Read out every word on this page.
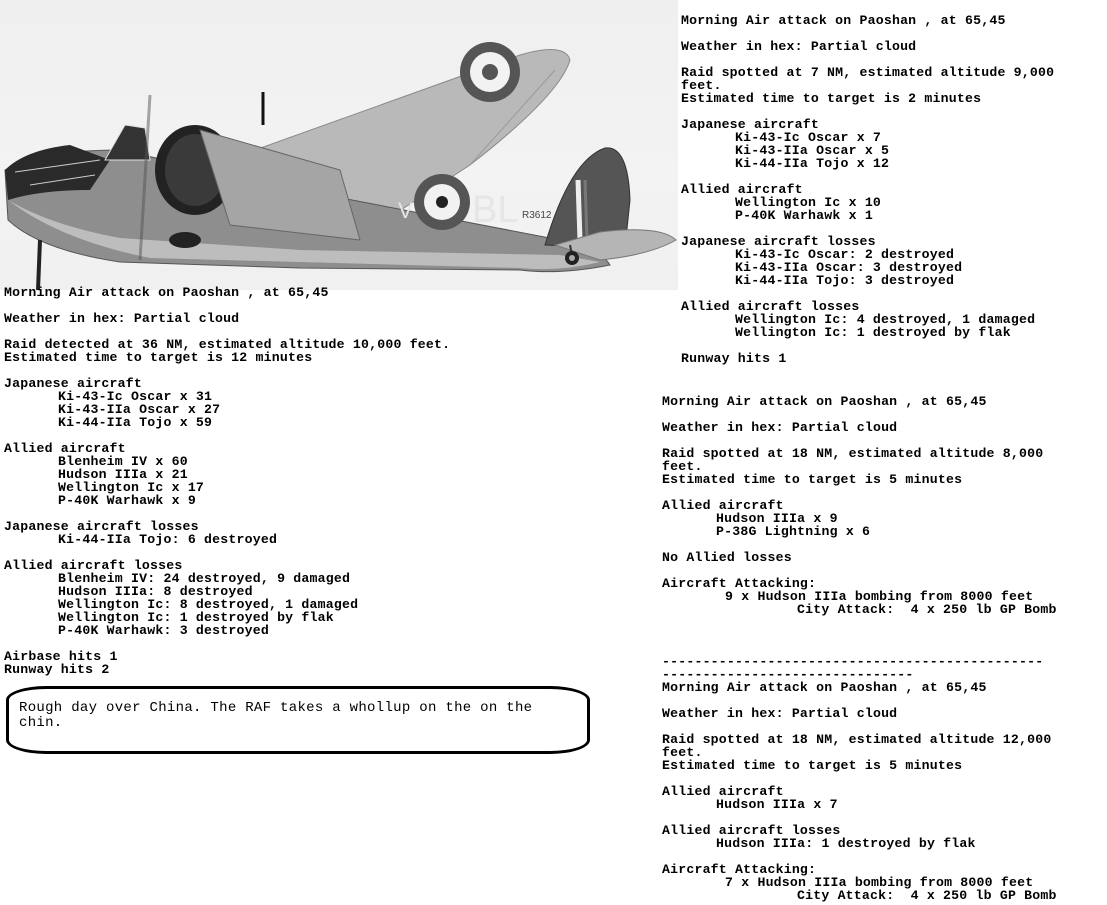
V BL R3612
Morning Air attack on Paoshan , at 65,45
Weather in hex: Partial cloud
Raid detected at 36 NM, estimated altitude 10,000 feet.
Estimated time to target is 12 minutes
Japanese aircraft
Ki-43-Ic Oscar x 31
Ki-43-IIa Oscar x 27
Ki-44-IIa Tojo x 59
Allied aircraft
Blenheim IV x 60
Hudson IIIa x 21
Wellington Ic x 17
P-40K Warhawk x 9
Japanese aircraft losses
Ki-44-IIa Tojo: 6 destroyed
Allied aircraft losses
Blenheim IV: 24 destroyed, 9 damaged
Hudson IIIa: 8 destroyed
Wellington Ic: 8 destroyed, 1 damaged
Wellington Ic: 1 destroyed by flak
P-40K Warhawk: 3 destroyed
Airbase hits 1
Runway hits 2
Morning Air attack on Paoshan , at 65,45
Weather in hex: Partial cloud
Raid spotted at 7 NM, estimated altitude 9,000
feet.
Estimated time to target is 2 minutes
Japanese aircraft
Ki-43-Ic Oscar x 7
Ki-43-IIa Oscar x 5
Ki-44-IIa Tojo x 12
Allied aircraft
Wellington Ic x 10
P-40K Warhawk x 1
Japanese aircraft losses
Ki-43-Ic Oscar: 2 destroyed
Ki-43-IIa Oscar: 3 destroyed
Ki-44-IIa Tojo: 3 destroyed
Allied aircraft losses
Wellington Ic: 4 destroyed, 1 damaged
Wellington Ic: 1 destroyed by flak
Runway hits 1
Morning Air attack on Paoshan , at 65,45
Weather in hex: Partial cloud
Raid spotted at 18 NM, estimated altitude 8,000
feet.
Estimated time to target is 5 minutes
Allied aircraft
Hudson IIIa x 9
P-38G Lightning x 6
No Allied losses
Aircraft Attacking:
9 x Hudson IIIa bombing from 8000 feet
City Attack:  4 x 250 lb GP Bomb
-----------------------------------------------
-------------------------------
Morning Air attack on Paoshan , at 65,45
Weather in hex: Partial cloud
Raid spotted at 18 NM, estimated altitude 12,000
feet.
Estimated time to target is 5 minutes
Allied aircraft
Hudson IIIa x 7
Allied aircraft losses
Hudson IIIa: 1 destroyed by flak
Aircraft Attacking:
7 x Hudson IIIa bombing from 8000 feet
City Attack:  4 x 250 lb GP Bomb
Rough day over China. The RAF takes a whollup on the on the chin.
